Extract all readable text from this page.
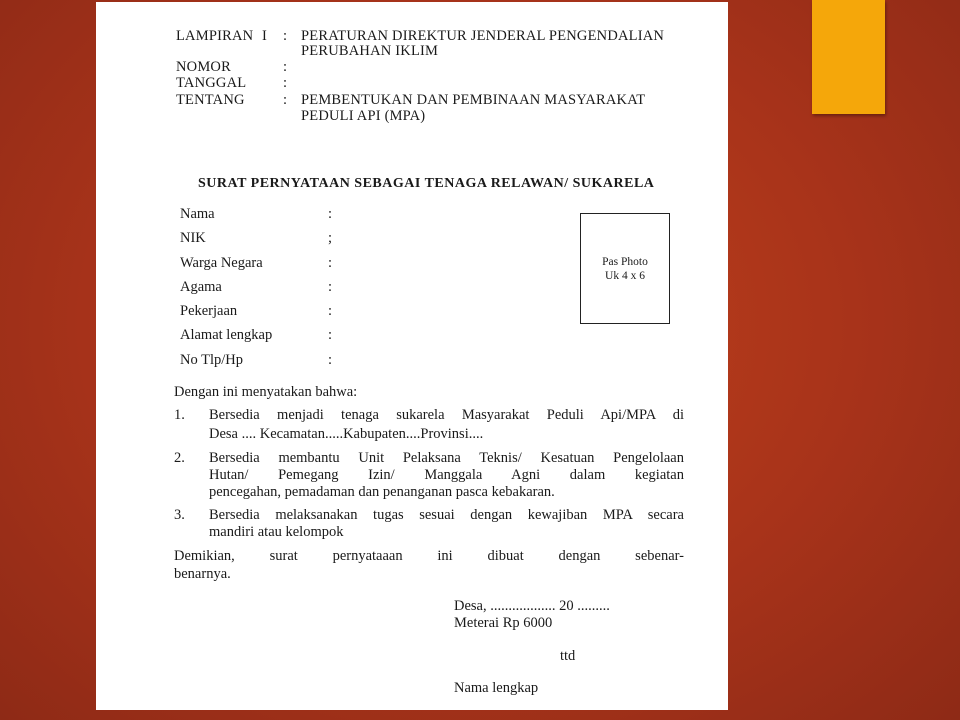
LAMPIRAN I : PERATURAN DIREKTUR JENDERAL PENGENDALIAN
PERUBAHAN IKLIM
NOMOR	:
TANGGAL	:
TENTANG	: PEMBENTUKAN DAN PEMBINAAN MASYARAKAT
PEDULI API (MPA)
SURAT PERNYATAAN SEBAGAI TENAGA RELAWAN/ SUKARELA
Nama	:
NIK	;
Warga Negara	:
Agama	:
Pekerjaan	:
Alamat lengkap	:
No Tlp/Hp	:
Pas Photo
Uk 4 x 6
Dengan ini menyatakan bahwa:
1. Bersedia menjadi tenaga sukarela Masyarakat Peduli Api/MPA di
Desa .... Kecamatan.....Kabupaten....Provinsi....
2. Bersedia membantu Unit Pelaksana Teknis/ Kesatuan Pengelolaan
Hutan/ Pemegang Izin/ Manggala Agni dalam kegiatan
pencegahan, pemadaman dan penanganan pasca kebakaran.
3. Bersedia melaksanakan tugas sesuai dengan kewajiban MPA secara
mandiri atau kelompok
Demikian, surat pernyataaan ini dibuat dengan sebenar-
benarnya.
Desa, .................. 20 .........
Meterai Rp 6000
ttd
Nama lengkap
